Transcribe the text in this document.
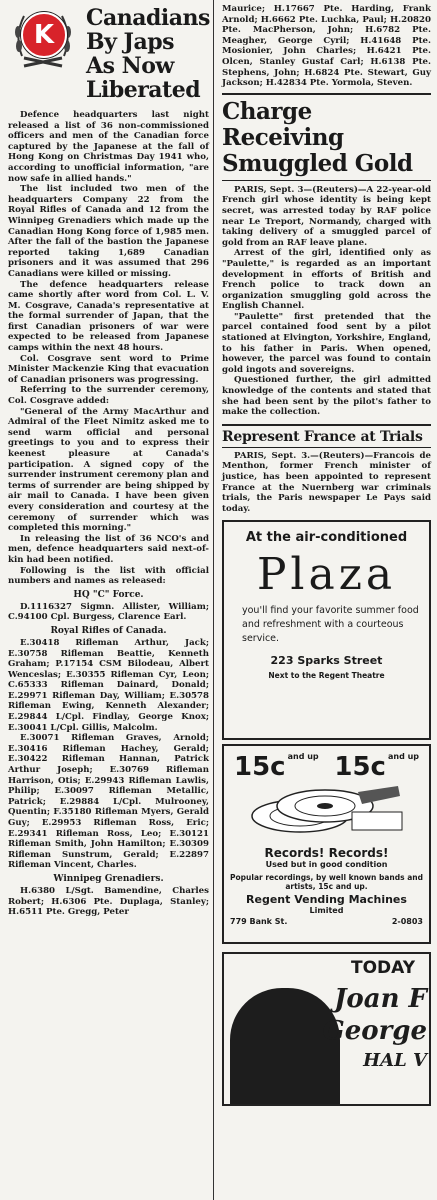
K
Canadians
By Japs
As Now Liberated

Defence headquarters last night released a list of 36 non-commissioned officers and men of the Canadian force captured by the Japanese at the fall of Hong Kong on Christmas Day 1941 who, according to unofficial information, "are now safe in allied hands."

The list included two men of the headquarters Company 22 from the Royal Rifles of Canada and 12 from the Winnipeg Grenadiers which made up the Canadian Hong Kong force of 1,985 men. After the fall of the bastion the Japanese reported taking 1,689 Canadian prisoners and it was assumed that 296 Canadians were killed or missing.

The defence headquarters release came shortly after word from Col. L. V. M. Cosgrave, Canada's representative at the formal surrender of Japan, that the first Canadian prisoners of war were expected to be released from Japanese camps within the next 48 hours.

Col. Cosgrave sent word to Prime Minister Mackenzie King that evacuation of Canadian prisoners was progressing.

Referring to the surrender ceremony, Col. Cosgrave added:

"General of the Army MacArthur and Admiral of the Fleet Nimitz asked me to send warm official and personal greetings to you and to express their keenest pleasure at Canada's participation. A signed copy of the surrender instrument ceremony plan and terms of surrender are being shipped by air mail to Canada. I have been given every consideration and courtesy at the ceremony of surrender which was completed this morning."

In releasing the list of 36 NCO's and men, defence headquarters said next-of-kin had been notified.

Following is the list with official numbers and names as released:

HQ "C" Force.

D.1116327 Sigmn. Allister, William; C.94100 Cpl. Burgess, Clarence Earl.

Royal Rifles of Canada.

E.30418 Rifleman Arthur, Jack; E.30758 Rifleman Beattie, Kenneth Graham; P.17154 CSM Bilodeau, Albert Wenceslas; E.30355 Rifleman Cyr, Leon; C.65333 Rifleman Dainard, Donald; E.29971 Rifleman Day, William; E.30578 Rifleman Ewing, Kenneth Alexander; E.29844 L/Cpl. Findlay, George Knox; E.30041 L/Cpl. Gillis, Malcolm.

E.30071 Rifleman Graves, Arnold; E.30416 Rifleman Hachey, Gerald; E.30422 Rifleman Hannan, Patrick Arthur Joseph; E.30769 Rifleman Harrison, Otis; E.29943 Rifleman Lawlis, Philip; E.30097 Rifleman Metallic, Patrick; E.29884 L/Cpl. Mulrooney, Quentin; F.35180 Rifleman Myers, Gerald Guy; E.29953 Rifleman Ross, Eric; E.29341 Rifleman Ross, Leo; E.30121 Rifleman Smith, John Hamilton; E.30309 Rifleman Sunstrum, Gerald; E.22897 Rifleman Vincent, Charles.

Winnipeg Grenadiers.

H.6380 L/Sgt. Bamendine, Charles Robert; H.6306 Pte. Duplaga, Stanley; H.6511 Pte. Gregg, Peter

Maurice; H.17667 Pte. Harding, Frank Arnold; H.6662 Pte. Luchka, Paul; H.20820 Pte. MacPherson, John; H.6782 Pte. Meagher, George Cyril; H.41648 Pte. Mosionier, John Charles; H.6421 Pte. Olcen, Stanley Gustaf Carl; H.6138 Pte. Stephens, John; H.6824 Pte. Stewart, Guy Jackson; H.42834 Pte. Yormola, Steven.

Charge Receiving Smuggled Gold

PARIS, Sept. 3—(Reuters)—A 22-year-old French girl whose identity is being kept secret, was arrested today by RAF police near Le Treport, Normandy, charged with taking delivery of a smuggled parcel of gold from an RAF leave plane.

Arrest of the girl, identified only as "Paulette," is regarded as an important development in efforts of British and French police to track down an organization smuggling gold across the English Channel.

"Paulette" first pretended that the parcel contained food sent by a pilot stationed at Elvington, Yorkshire, England, to his father in Paris. When opened, however, the parcel was found to contain gold ingots and sovereigns.

Questioned further, the girl admitted knowledge of the contents and stated that she had been sent by the pilot's father to make the collection.

Represent France at Trials

PARIS, Sept. 3.—(Reuters)—Francois de Menthon, former French minister of justice, has been appointed to represent France at the Nuernberg war criminals trials, the Paris newspaper Le Pays said today.

At the air-conditioned
Plaza
you'll find your favorite summer food and refreshment with a courteous service.
223 Sparks Street
Next to the Regent Theatre
15c and up 15c and up
Records! Records!
Used but in good condition
Popular recordings, by well known bands and artists, 15c and up.
Regent Vending Machines
Limited
779 Bank St.	2-0803
TODAY
Joan F
George
HAL V
